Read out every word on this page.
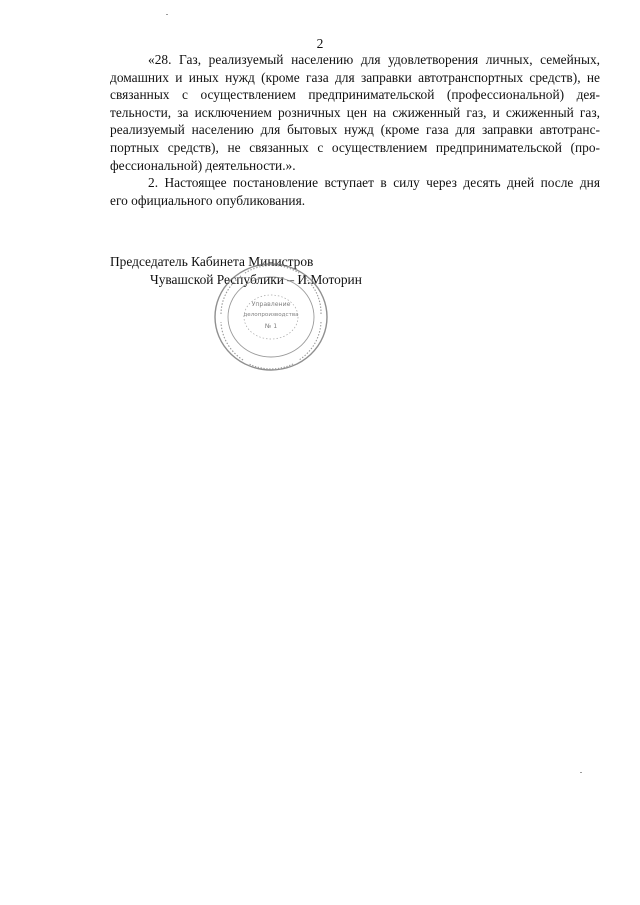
2

«28. Газ, реализуемый населению для удовлетворения личных, семейных,
домашних и иных нужд (кроме газа для заправки автотранспортных средств), не
связанных с осуществлением предпринимательской (профессиональной) дея-
тельности, за исключением розничных цен на сжиженный газ, и сжиженный газ,
реализуемый населению для бытовых нужд (кроме газа для заправки автотранс-
портных средств), не связанных с осуществлением предпринимательской (про-
фессиональной) деятельности.».

2. Настоящее постановление вступает в силу через десять дней после дня
его официального опубликования.

Председатель Кабинета Министров
Чувашской Республики – И.Моторин
Управление
делопроизводства
№ 1
